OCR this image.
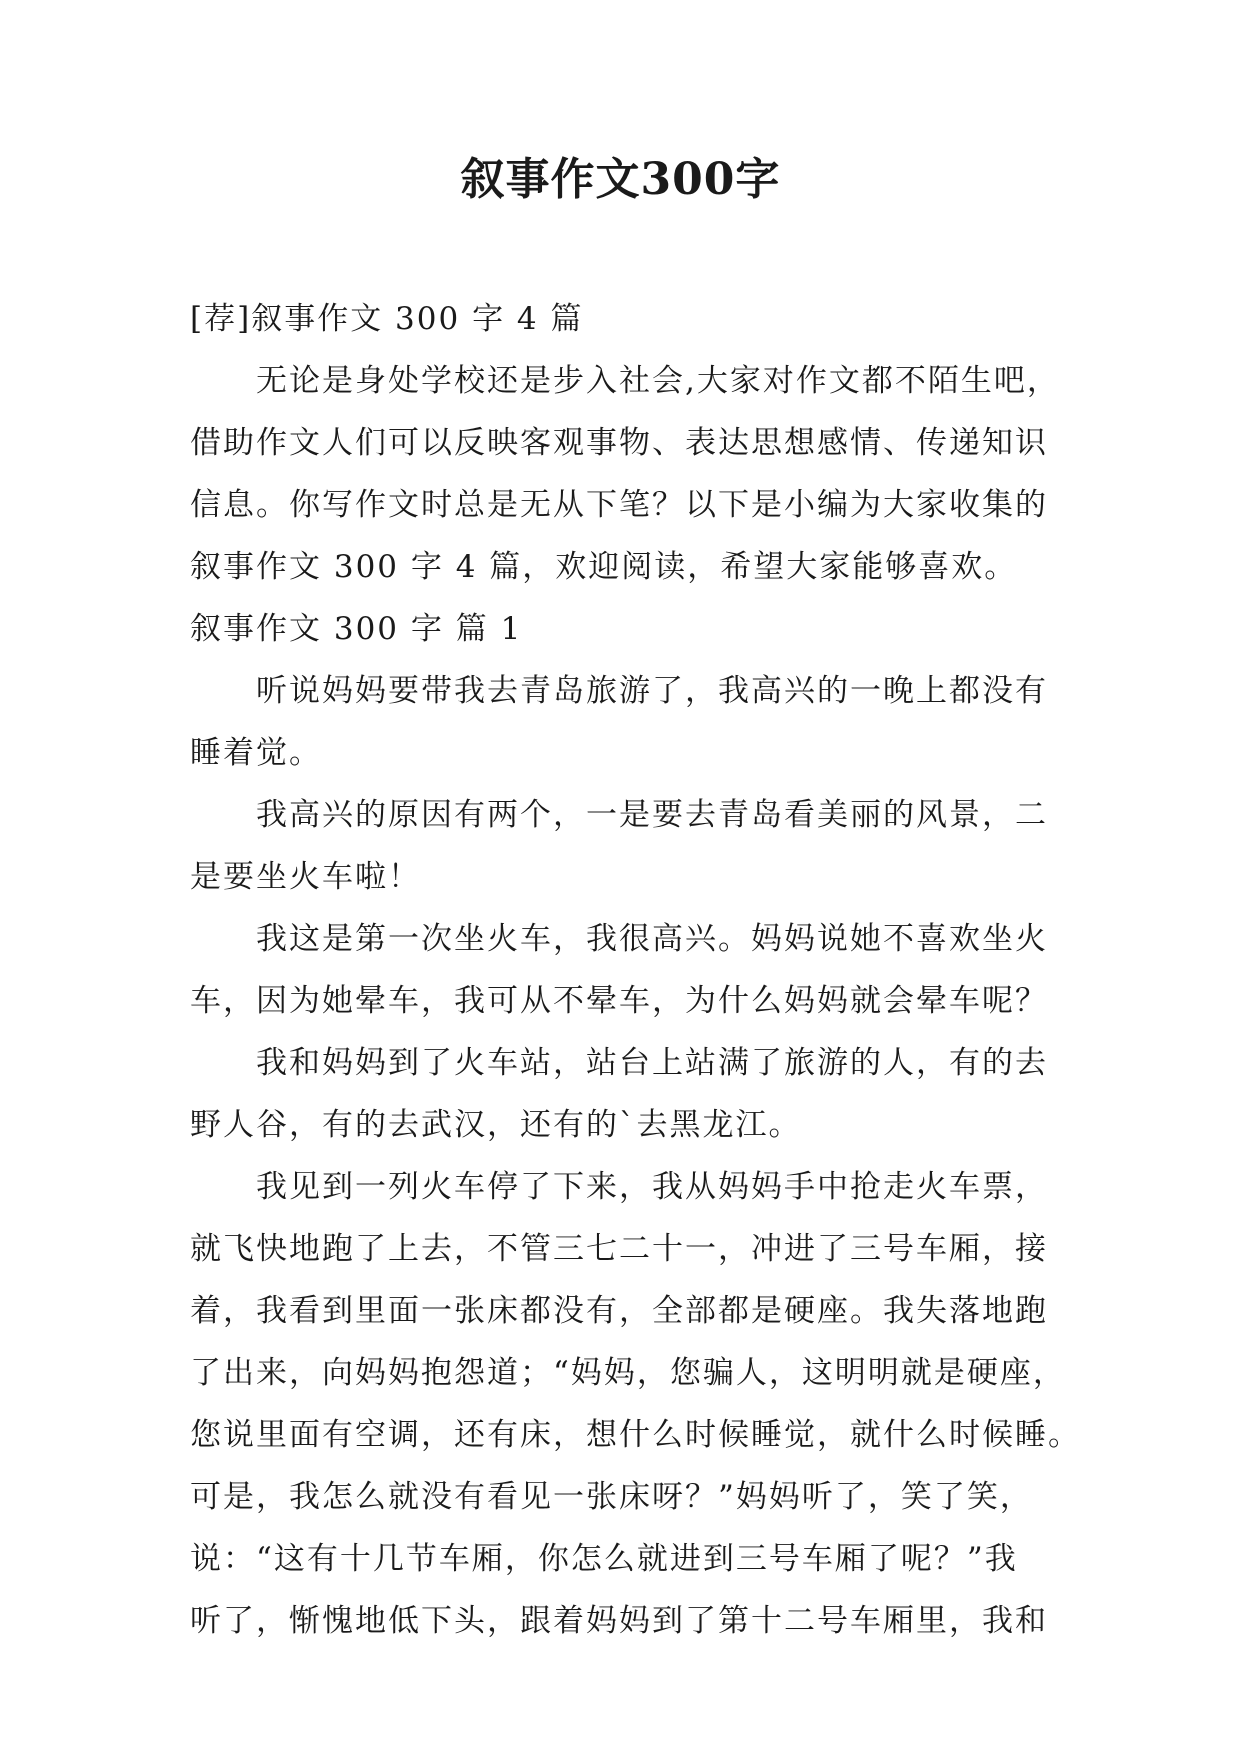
叙事作文300字

[荐]叙事作文 300 字 4 篇

无论是身处学校还是步入社会,大家对作文都不陌生吧，

借助作文人们可以反映客观事物、表达思想感情、传递知识

信息。你写作文时总是无从下笔？以下是小编为大家收集的

叙事作文 300 字 4 篇，欢迎阅读，希望大家能够喜欢。

叙事作文 300 字 篇 1

听说妈妈要带我去青岛旅游了，我高兴的一晚上都没有

睡着觉。

我高兴的原因有两个，一是要去青岛看美丽的风景，二

是要坐火车啦！

我这是第一次坐火车，我很高兴。妈妈说她不喜欢坐火

车，因为她晕车，我可从不晕车，为什么妈妈就会晕车呢？

我和妈妈到了火车站，站台上站满了旅游的人，有的去

野人谷，有的去武汉，还有的`去黑龙江。

我见到一列火车停了下来，我从妈妈手中抢走火车票，

就飞快地跑了上去，不管三七二十一，冲进了三号车厢，接

着，我看到里面一张床都没有，全部都是硬座。我失落地跑

了出来，向妈妈抱怨道；“妈妈，您骗人，这明明就是硬座，

您说里面有空调，还有床，想什么时候睡觉，就什么时候睡。

可是，我怎么就没有看见一张床呀？”妈妈听了，笑了笑，

说：“这有十几节车厢，你怎么就进到三号车厢了呢？”我

听了，惭愧地低下头，跟着妈妈到了第十二号车厢里，我和
